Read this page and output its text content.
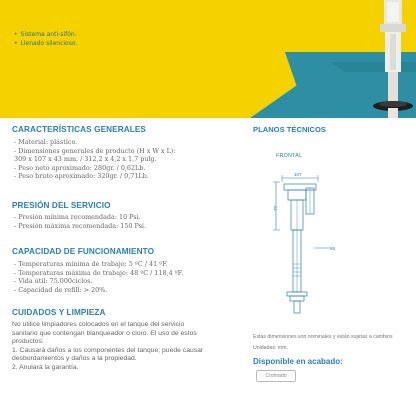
• Sistema anti-sifón.
• Llenado silencioso.
CARACTERÍSTICAS GENERALES
- Material: plástico.
- Dimensiones generales de producto (H x W x L):
309 x 107 x 43 mm. / 312,2 x 4,2 x 1,7 pulg.
- Peso neto aproximado: 280gr. / 0,62Lb.
- Peso bruto aproximado: 320gr. / 0,71Lb.
PRESIÓN DEL SERVICIO
- Presión mínima recomendada: 10 Psi.
- Presión máxima recomendada: 150 Psi.
CAPACIDAD DE FUNCIONAMIENTO
- Temperaturas mínima de trabajo: 5 ºC / 41 ºF.
- Temperaturas máxima de trabajo: 48 ºC / 118,4 ºF.
- Vida útil: 75.000ciclos.
- Capacidad de refill: > 20%.
CUIDADOS Y LIMPIEZA

No utilice limpiadores colocados en el tanque del servicio

sanitario que contengan blanqueador o cloro. El uso de estos

productos:

1. Causará daños a los componentes del tanque; puede causar

desbordamientos y daños a la propiedad.

2. Anulará la garantía.

PLANOS TÉCNICOS
FRONTAL
107
77
65
Estas dimensiones son nominales y están sujetas a cambios
Unidades: mm.
Disponible en acabado:
Cromado
